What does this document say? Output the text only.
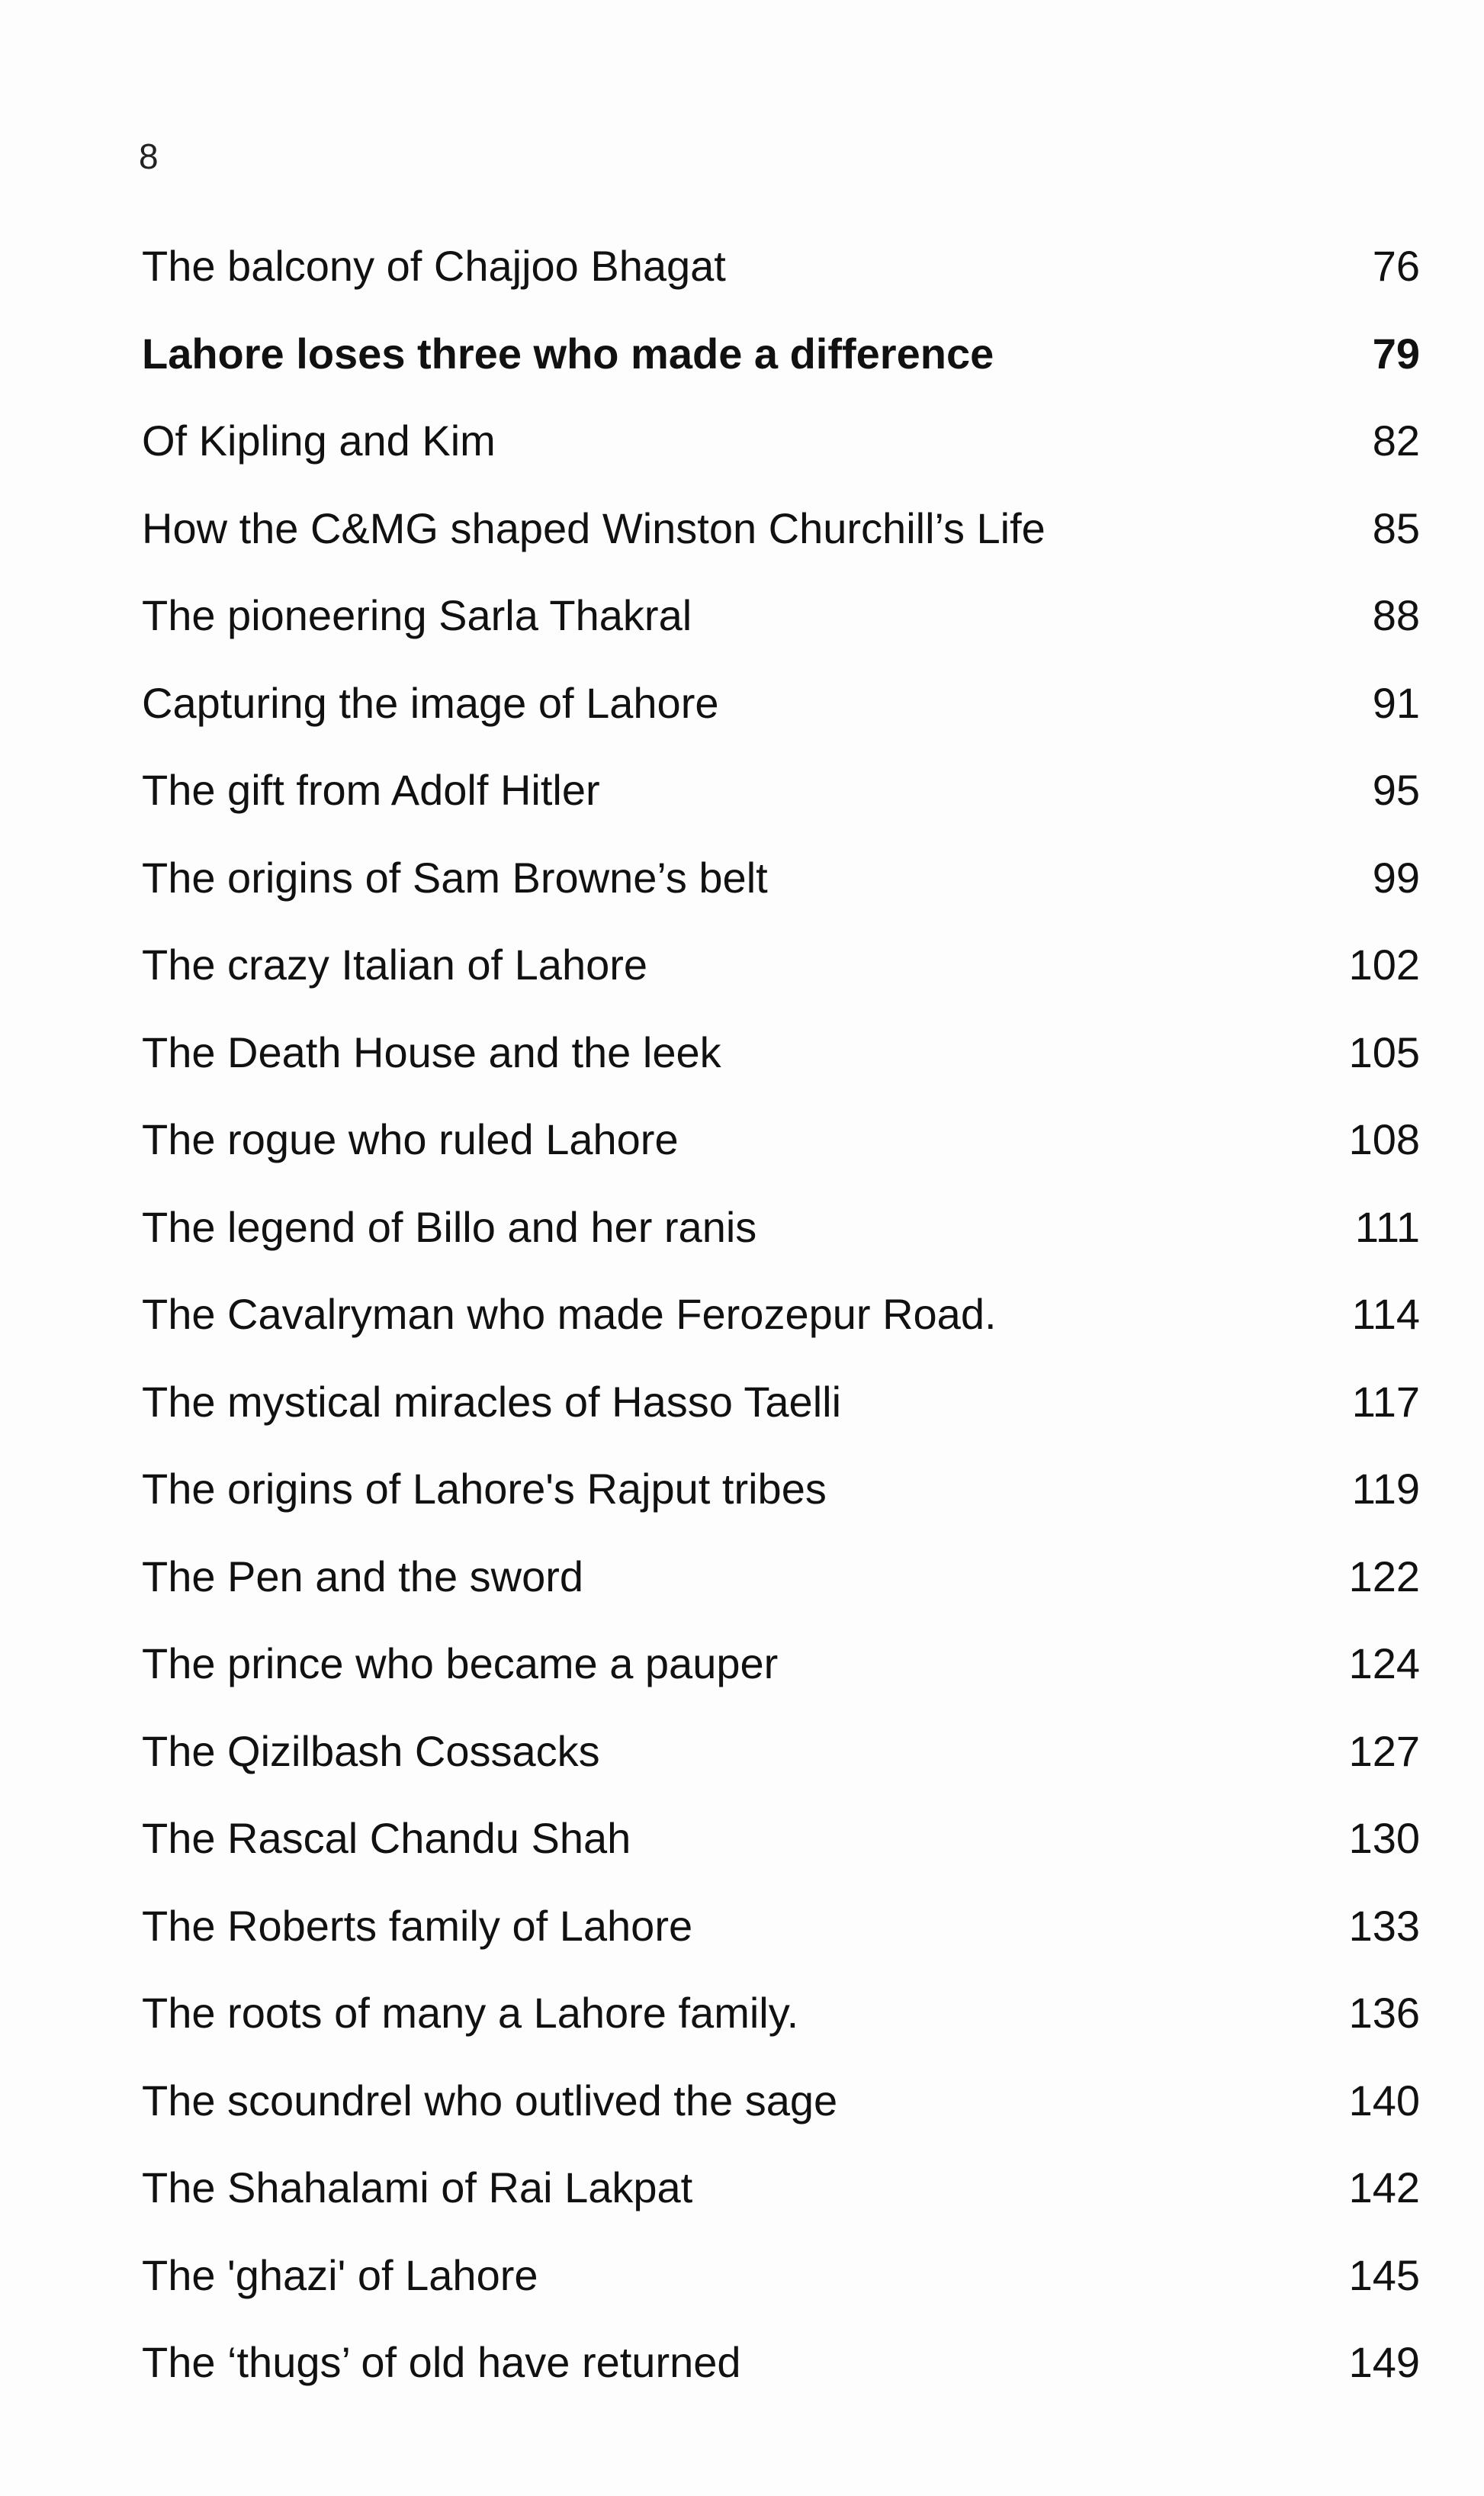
8
The balcony of Chajjoo Bhagat .....	76
Lahore loses three who made a difference .....	79
Of Kipling and Kim .....	82
How the C&MG shaped Winston Churchill’s Life .....	85
The pioneering Sarla Thakral .....	88
Capturing the image of Lahore .....	91
The gift from Adolf Hitler .....	95
The origins of Sam Browne’s belt .....	99
The crazy Italian of Lahore .....	102
The Death House and the leek .....	105
The rogue who ruled Lahore .....	108
The legend of Billo and her ranis .....	111
The Cavalryman who made Ferozepur Road. .....	114
The mystical miracles of Hasso Taelli .....	117
The origins of Lahore's Rajput tribes .....	119
The Pen and the sword .....	122
The prince who became a pauper .....	124
The Qizilbash Cossacks .....	127
The Rascal Chandu Shah .....	130
The Roberts family of Lahore .....	133
The roots of many a Lahore family. .....	136
The scoundrel who outlived the sage .....	140
The Shahalami of Rai Lakpat .....	142
The 'ghazi' of Lahore .....	145
The ‘thugs’ of old have returned .....	149
